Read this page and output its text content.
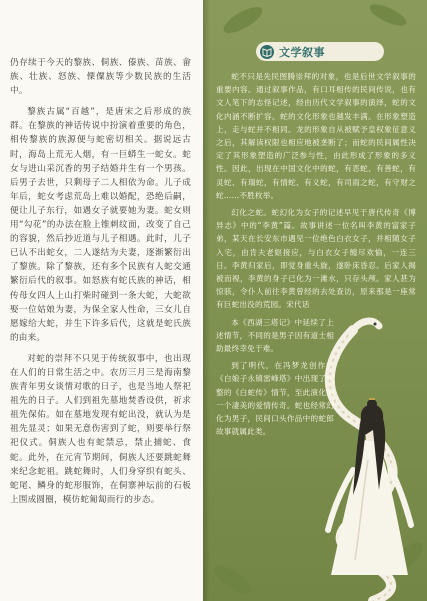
仍存续于今天的黎族、侗族、傣族、苗族、畲族、壮族、怒族、傈僳族等少数民族的生活中。

黎族古属“百越”，是唐宋之后形成的族群。在黎族的神话传说中扮演着重要的角色，相传黎族的族源便与蛇密切相关。据说远古时，海岛上荒无人烟，有一巨蟒生一蛇女。蛇女与进山采沉香的男子结婚并生有一个男孩。后男子去世，只剩母子二人相依为命。儿子成年后，蛇女考虑荒岛上难以婚配，恐绝后嗣，便让儿子东行，如遇女子就要她为妻。蛇女则用“勾花”的办法在脸上锥刺纹面，改变了自己的容貌，然后抄近道与儿子相遇。此时，儿子已认不出蛇女，二人遂结为夫妻，逐渐繁衍出了黎族。除了黎族，还有多个民族有人蛇交通繁衍后代的叙事。如怒族有蛇氏族的神话，相传母女四人上山打柴时碰到一条大蛇，大蛇欲娶一位姑娘为妻，为保全家人性命，三女儿自愿嫁给大蛇，并生下许多后代，这就是蛇氏族的由来。

对蛇的崇拜不只见于传统叙事中，也出现在人们的日常生活之中。农历三月三是海南黎族青年男女谈情对歌的日子，也是当地人祭祀祖先的日子。人们到祖先墓地焚香设供，祈求祖先保佑。如在墓地发现有蛇出没，就认为是祖先显灵；如果无意伤害到了蛇，则要举行祭祀仪式。侗族人也有蛇禁忌，禁止捕蛇、食蛇。此外，在元宵节期间，侗族人还要跳蛇舞来纪念蛇祖。跳蛇舞时，人们身穿织有蛇头、蛇尾、鳞身的蛇形服饰，在侗寨神坛前的石板上围成圆圈，模仿蛇匍匐而行的步态。

文学叙事

蛇不只是先民图腾崇拜的对象，也是后世文学叙事的重要内容。通过叙事作品，有口耳相传的民间传说，也有文人笔下的志怪记述，经由历代文学叙事的演绎，蛇的文化内涵不断扩容。蛇的文化形象也越发丰满。在形象塑造上，走与蛇并不相同。龙的形象自从被赋予皇权象征意义之后，其解读权限也相应地被垄断了；而蛇的民间属性决定了其形象塑造的广泛参与性，由此形成了形象的多义性。因此，出现在中国文化中的蛇，有恶蛇、有善蛇，有灵蛇、有瑞蛇，有情蛇、有义蛇，有司雨之蛇，有守财之蛇……不胜枚举。

幻化之蛇。蛇幻化为女子的记述早见于唐代传奇《博异志》中的“李黄”篇。故事讲述一位名叫李黄的富家子弟，某天在长安东市遇见一位绝色白衣女子，并相随女子入宅，由肯夫老妪接应，与白衣女子缠尽欢愉，一连三日。李黄归家后，即觉身重头旋，遂卧床昏忍。后家人揭被而视，李黄的身子已化为一滩水，只存头颅。家人甚为惊骇，令仆人前往李黄曾经的去处查访，原来那是一座常有巨蛇出没的荒园。宋代话

本《西湖三塔记》中延续了上述情节，不同的是男子因有道士相助最终幸免于难。

到了明代，在冯梦龙创作的《白娘子永镇雷峰塔》中出现了完整的《白蛇传》情节，至此演化为一个凄美的爱情传奇。蛇也经常幻化为男子，民间口头作品中的蛇郎故事就属此类。
